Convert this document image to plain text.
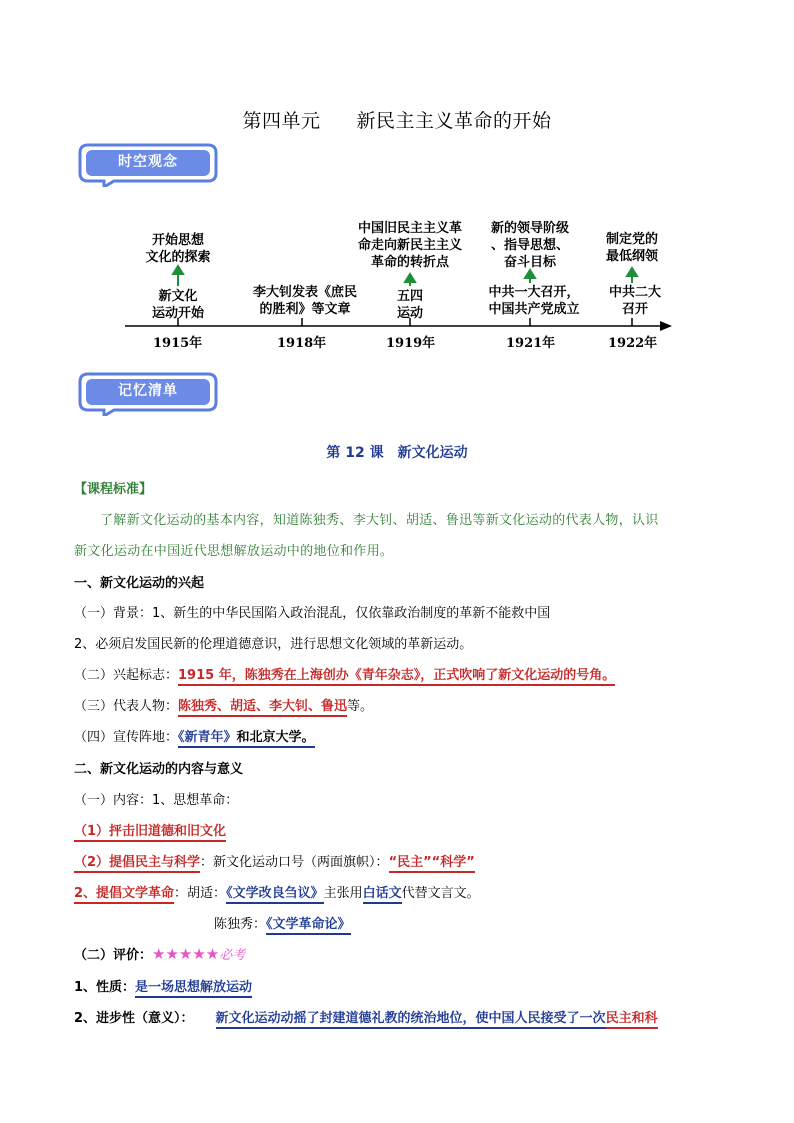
第四单元 新民主主义革命的开始
时空观念
开始思想
文化的探索
中国旧民主主义革
命走向新民主主义
革命的转折点
新的领导阶级
、指导思想、
奋斗目标
制定党的
最低纲领
新文化
运动开始
李大钊发表《庶民
的胜利》等文章
五四
运动
中共一大召开，
中国共产党成立
中共二大
召开
1915年	1918年	1919年	1921年	1922年
记忆清单
第 12 课 新文化运动
【课程标准】
了解新文化运动的基本内容，知道陈独秀、李大钊、胡适、鲁迅等新文化运动的代表人物，认识
新文化运动在中国近代思想解放运动中的地位和作用。
一、新文化运动的兴起
（一）背景：1、新生的中华民国陷入政治混乱，仅依靠政治制度的革新不能救中国
2、必须启发国民新的伦理道德意识，进行思想文化领域的革新运动。
（二）兴起标志：1915 年，陈独秀在上海创办《青年杂志》，正式吹响了新文化运动的号角。
（三）代表人物：陈独秀、胡适、李大钊、鲁迅等。
（四）宣传阵地：《新青年》和北京大学。
二、新文化运动的内容与意义
（一）内容：1、思想革命：
（1）抨击旧道德和旧文化
（2）提倡民主与科学：新文化运动口号（两面旗帜）：“民主”“科学”
2、提倡文学革命：胡适：《文学改良刍议》主张用白话文代替文言文。
陈独秀：《文学革命论》
（二）评价：★★★★★必考
1、性质：是一场思想解放运动
2、进步性（意义）： 新文化运动动摇了封建道德礼教的统治地位，使中国人民接受了一次民主和科
